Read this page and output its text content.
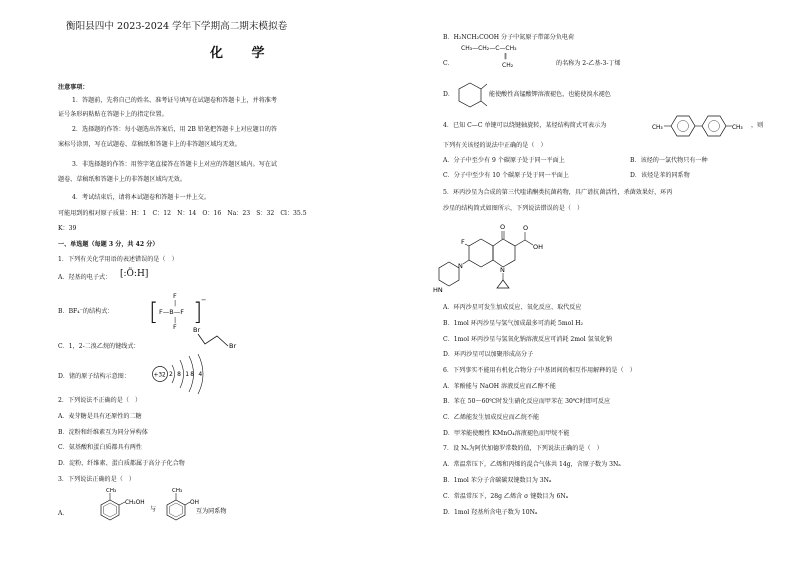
衡阳县四中 2023-2024 学年下学期高二期末模拟卷
化 学
注意事项：
1．答题前，先将自己的姓名、准考证号填写在试题卷和答题卡上，并将准考
证号条形码粘贴在答题卡上的指定位置。
2．选择题的作答：每小题选出答案后，用 2B 铅笔把答题卡上对应题目的答
案标号涂黑，写在试题卷、草稿纸和答题卡上的非答题区域均无效。
3．非选择题的作答：用签字笔直接答在答题卡上对应的答题区域内。写在试
题卷、草稿纸和答题卡上的非答题区域均无效。
4．考试结束后，请将本试题卷和答题卡一并上交。
可能用到的相对原子质量：H：1　C：12　N：14　O：16　Na：23　S：32　Cl：35.5
K：39
一、单选题（每题 3 分，共 42 分）
1．下列有关化学用语的表述错误的是（　）
A．羟基的电子式： [:Ö:H]
B．BF₄⁻的结构式： [
F
|
F—B—F
|
F
]
−
C．1，2-二溴乙烷的键线式：
Br
Br
D．锗的原子结构示意图：	+32 2 8 18 4
2．下列说法不正确的是（　）
A．麦芽糖是具有还原性的二糖
B．淀粉和纤维素互为同分异构体
C．氨基酸和蛋白质都具有两性
D．淀粉、纤维素、蛋白质都属于高分子化合物
3．下列说法正确的是（　）
A．
CH₃
CH₂OH
与
CH₃
OH
互为同系物
B．H₂NCH₂COOH 分子中氮原子带部分负电荷
C．
CH₃—CH₂—C—CH₃
‖
CH₂	的名称为 2-乙基-3-丁烯
D．	能使酸性高锰酸钾溶液褪色，也能使溴水褪色
4．已知 C—C 单键可以绕键轴旋转，某烃结构简式可表示为	CH₃	CH₃ ，则
下列有关该烃的说法中正确的是（　）
A．分子中至少有 9 个碳原子处于同一平面上	B．该烃的一氯代物只有一种
C．分子中至少有 10 个碳原子处于同一平面上	D．该烃是苯的同系物
5．环丙沙星为合成的第三代喹诺酮类抗菌药物，具广谱抗菌活性，杀菌效果好，环丙
沙星的结构简式如图所示，下列说法错误的是（　）
O
F
O
OH
N
N
HN
A．环丙沙星可发生加成反应、氧化反应、取代反应
B．1mol 环丙沙星与氢气加成最多可消耗 5mol H₂
C．1mol 环丙沙星与氢氧化钠溶液反应可消耗 2mol 氢氧化钠
D．环丙沙星可以加聚形成高分子
6．下列事实不能用有机化合物分子中基团间的相互作用解释的是（　）
A．苯酚能与 NaOH 溶液反应而乙醇不能
B．苯在 50～60℃时发生硝化反应而甲苯在 30℃时即可反应
C．乙烯能发生加成反应而乙烷不能
D．甲苯能使酸性 KMnO₄溶液褪色而甲烷不能
7．设 Nₐ为阿伏加德罗常数的值，下列说法正确的是（　）
A．常温常压下，乙烯和丙烯的混合气体共 14g，含原子数为 3Nₐ
B．1mol 苯分子含碳碳双键数目为 3Nₐ
C．常温常压下，28g 乙烯含 σ 键数目为 6Nₐ
D．1mol 羟基所含电子数为 10Nₐ
